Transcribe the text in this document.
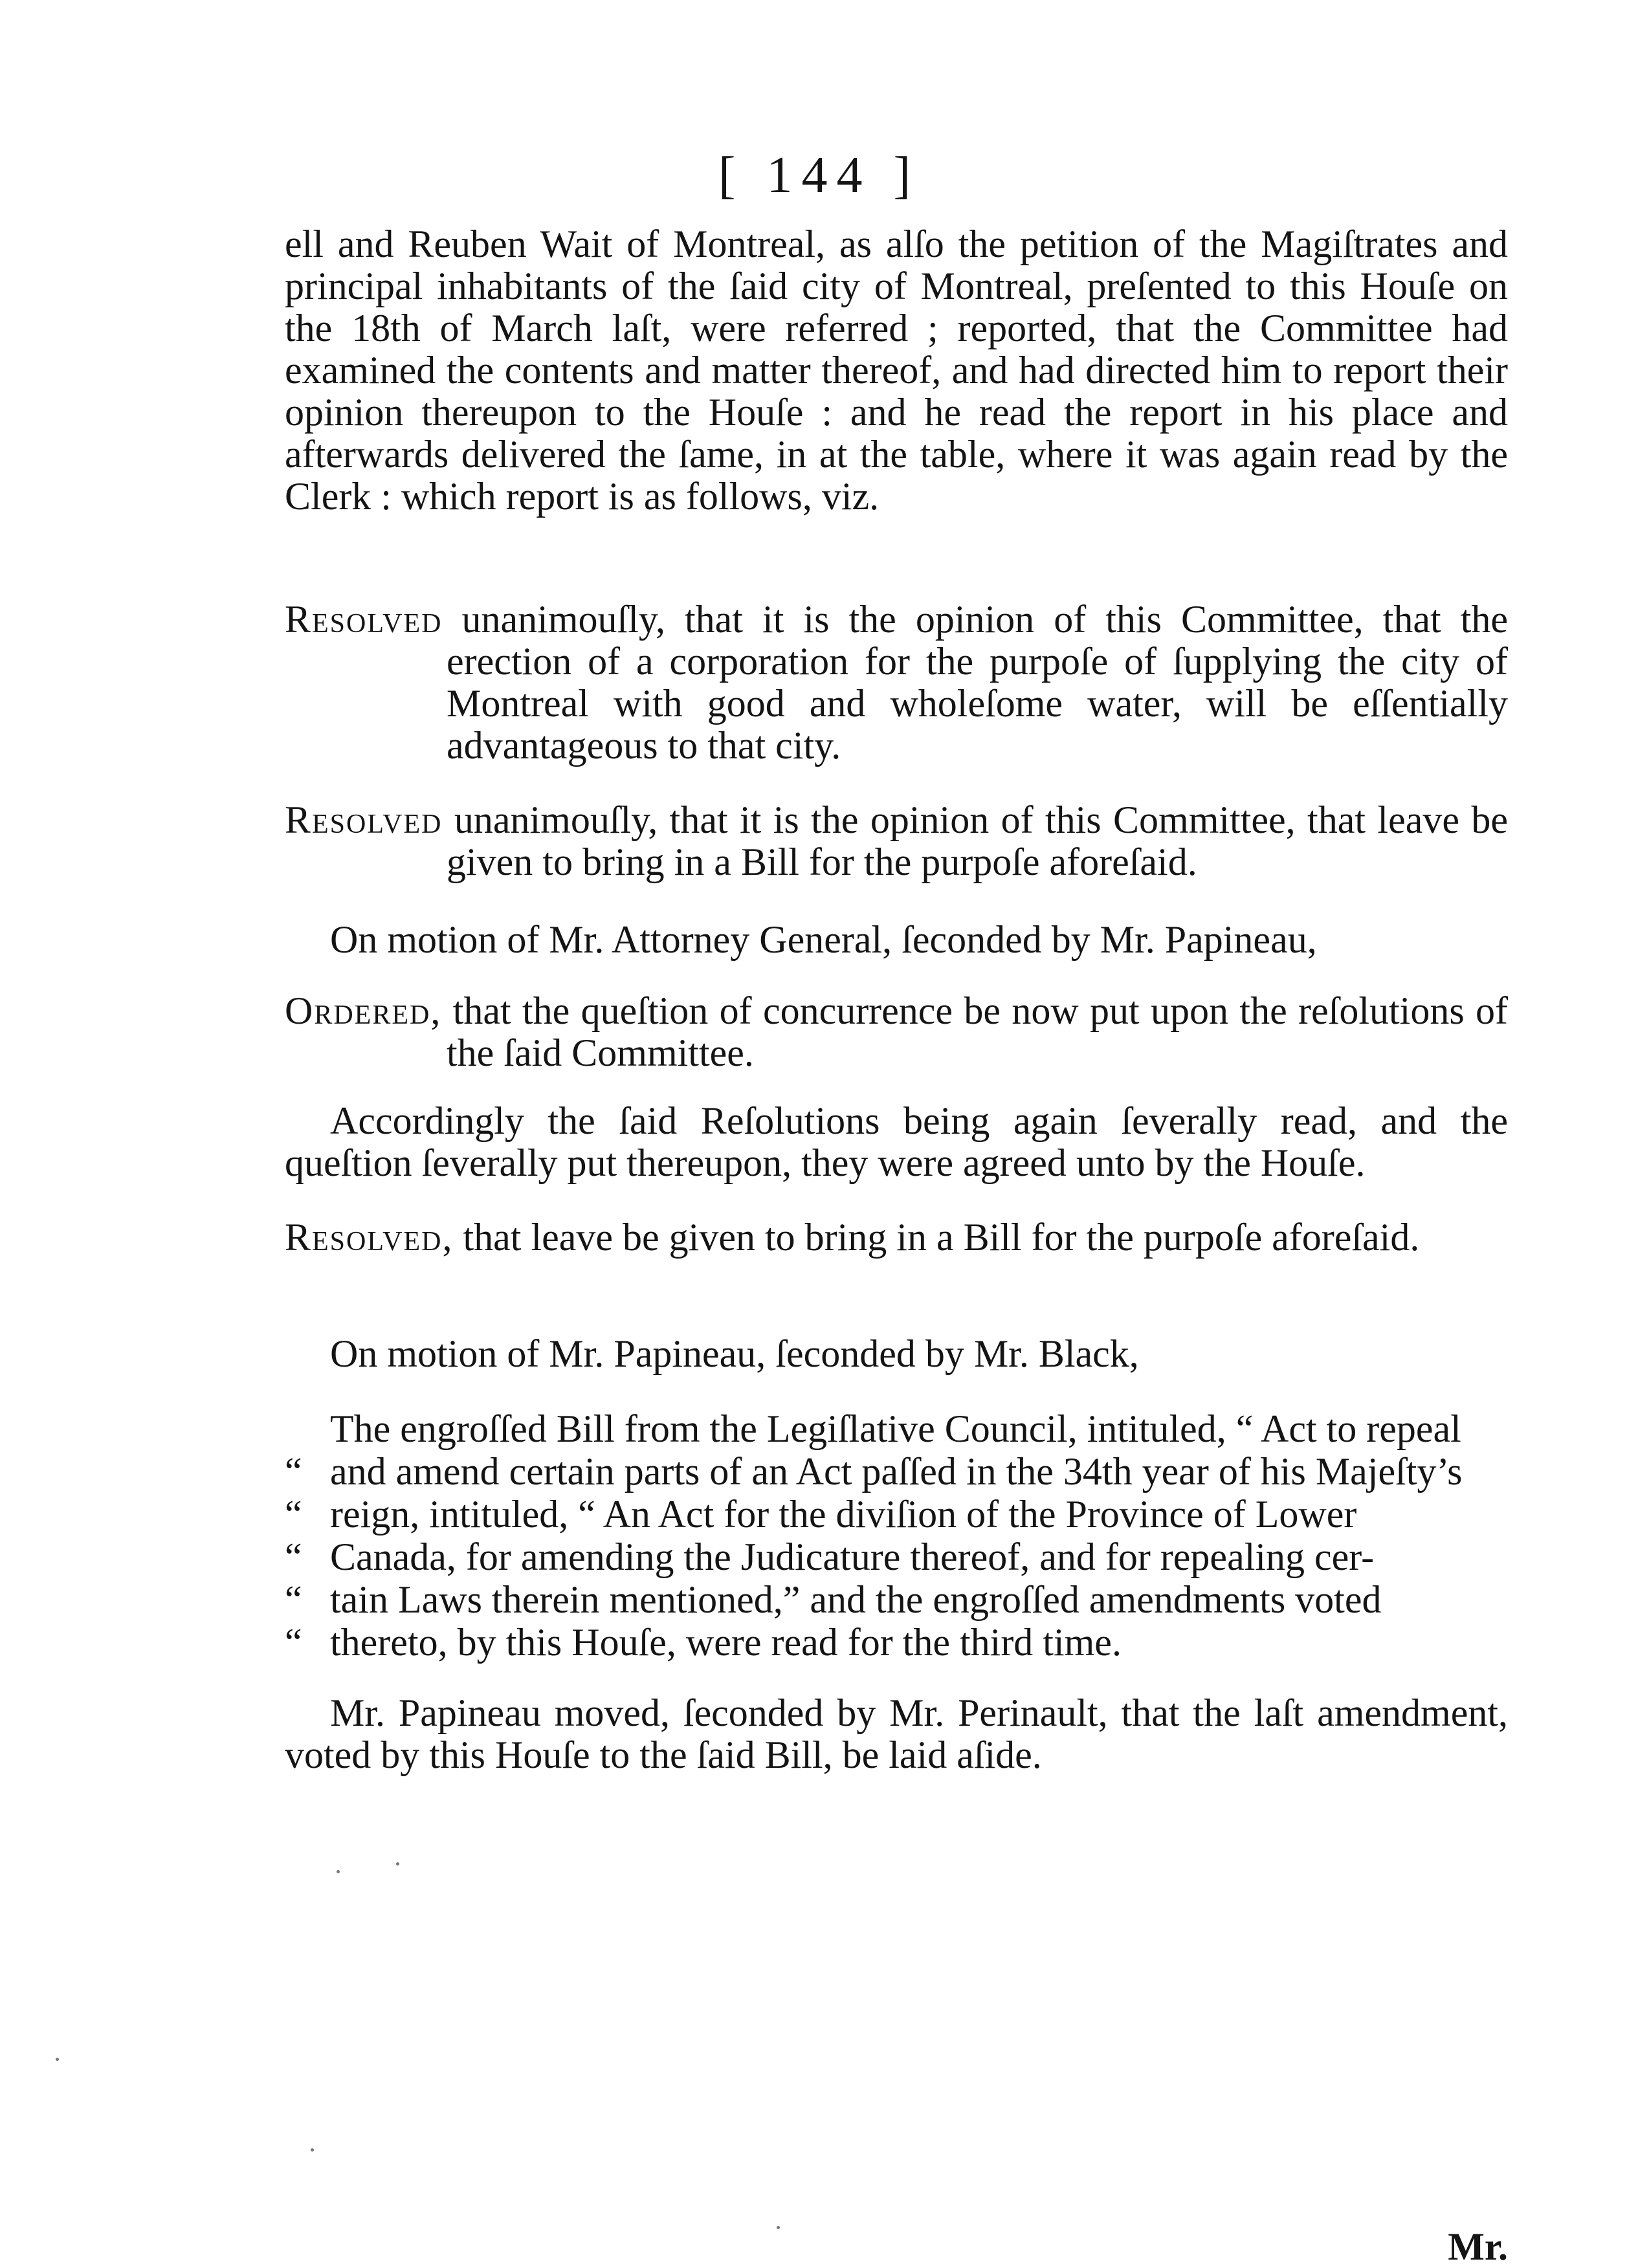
[ 144 ]

ell and Reuben Wait of Montreal, as alſo the petition of the Magiſtrates and principal inhabitants of the ſaid city of Montreal, preſented to this Houſe on the 18th of March laſt, were referred ; reported, that the Committee had examined the contents and matter thereof, and had directed him to report their opinion thereupon to the Houſe : and he read the report in his place and afterwards delivered the ſame, in at the table, where it was again read by the Clerk : which report is as follows, viz.

Resolved unanimouſly, that it is the opinion of this Committee, that the erection of a corporation for the purpoſe of ſupplying the city of Montreal with good and wholeſome water, will be eſſentially advantageous to that city.

Resolved unanimouſly, that it is the opinion of this Committee, that leave be given to bring in a Bill for the purpoſe aforeſaid.

On motion of Mr. Attorney General, ſeconded by Mr. Papineau,

Ordered, that the queſtion of concurrence be now put upon the reſolutions of the ſaid Committee.

Accordingly the ſaid Reſolutions being again ſeverally read, and the queſtion ſeverally put thereupon, they were agreed unto by the Houſe.

Resolved, that leave be given to bring in a Bill for the purpoſe aforeſaid.

On motion of Mr. Papineau, ſeconded by Mr. Black,

The engroſſed Bill from the Legiſlative Council, intituled, “ Act to repeal
“ and amend certain parts of an Act paſſed in the 34th year of his Majeſty’s
“ reign, intituled, “ An Act for the diviſion of the Province of Lower
“ Canada, for amending the Judicature thereof, and for repealing cer-
“ tain Laws therein mentioned,” and the engroſſed amendments voted
“ thereto, by this Houſe, were read for the third time.

Mr. Papineau moved, ſeconded by Mr. Perinault, that the laſt amendment, voted by this Houſe to the ſaid Bill, be laid aſide.

Mr.
